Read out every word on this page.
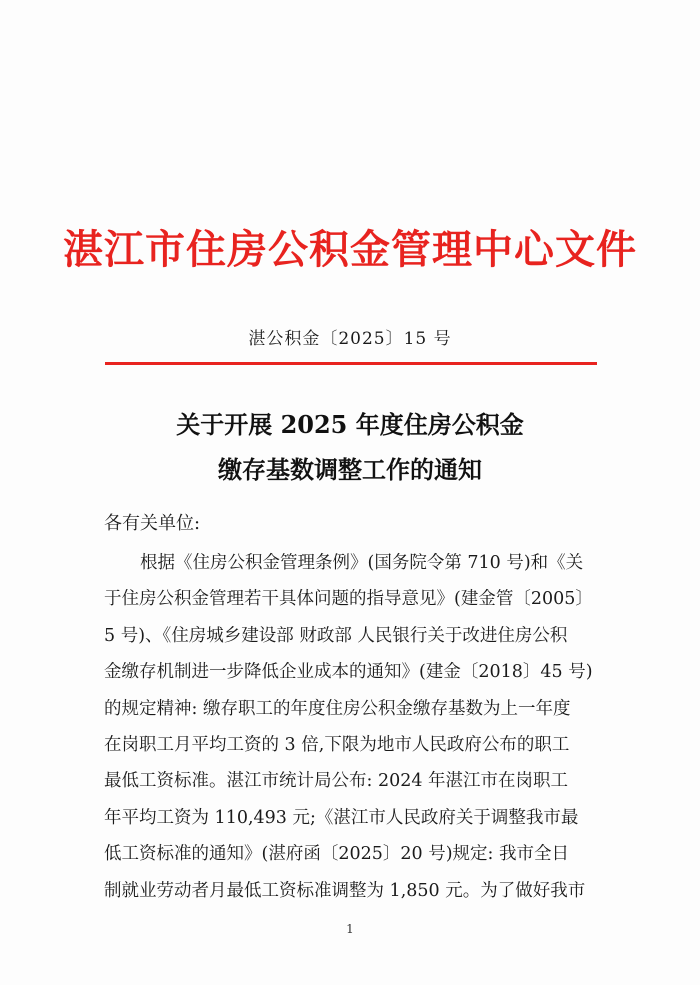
湛江市住房公积金管理中心文件
湛公积金〔2025〕15 号
关于开展 2025 年度住房公积金
缴存基数调整工作的通知
各有关单位:
根据《住房公积金管理条例》(国务院令第 710 号)和《关
于住房公积金管理若干具体问题的指导意见》(建金管〔2005〕
5 号)、《住房城乡建设部 财政部 人民银行关于改进住房公积
金缴存机制进一步降低企业成本的通知》(建金〔2018〕45 号)
的规定精神: 缴存职工的年度住房公积金缴存基数为上一年度
在岗职工月平均工资的 3 倍,下限为地市人民政府公布的职工
最低工资标准。湛江市统计局公布: 2024 年湛江市在岗职工
年平均工资为 110,493 元;《湛江市人民政府关于调整我市最
低工资标准的通知》(湛府函〔2025〕20 号)规定: 我市全日
制就业劳动者月最低工资标准调整为 1,850 元。为了做好我市
1
